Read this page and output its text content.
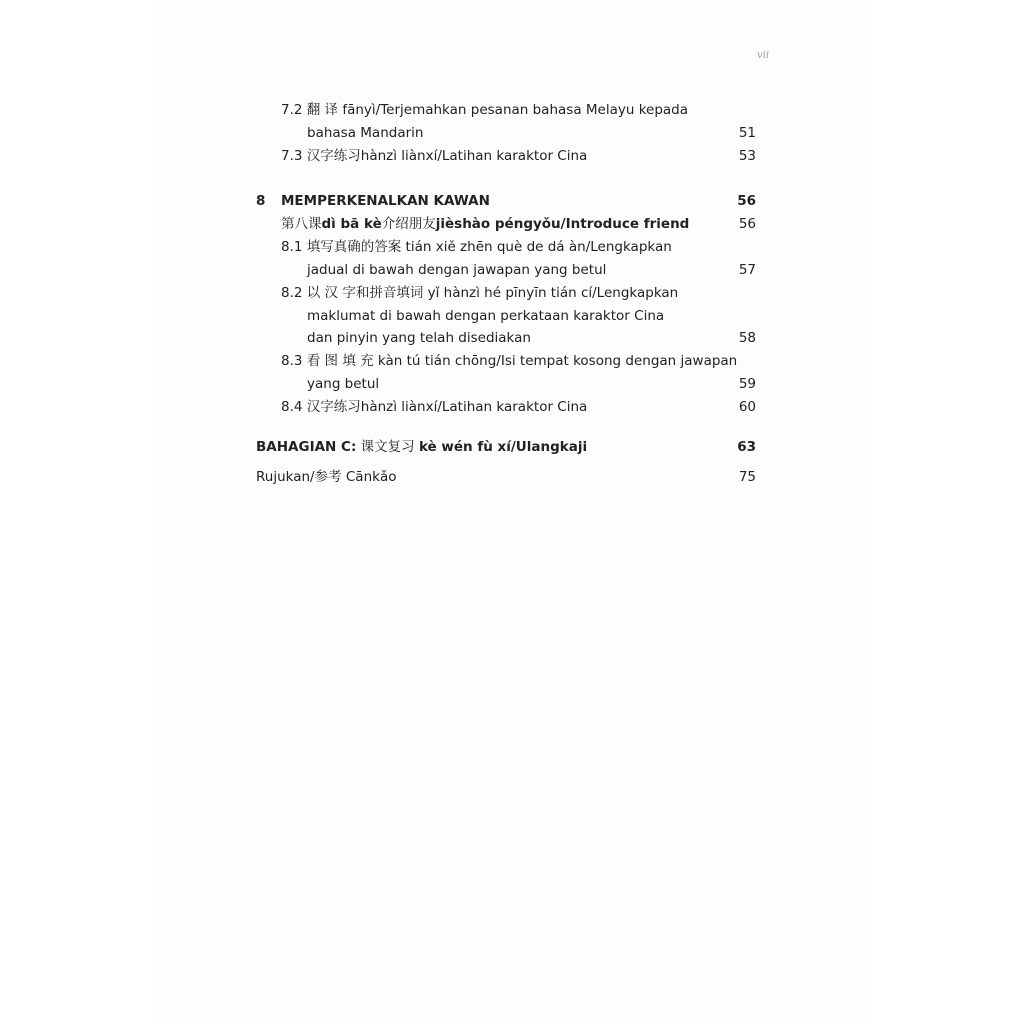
vii
7.2 翻 译 fānyì/Terjemahkan pesanan bahasa Melayu kepada
bahasa Mandarin	51
7.3 汉字练习hànzì liànxí/Latihan karaktor Cina	53
8 MEMPERKENALKAN KAWAN	56
第八课dì bā kè介绍朋友jièshào péngyǒu/Introduce friend	56
8.1 填写真确的答案 tián xiě zhēn què de dá àn/Lengkapkan
jadual di bawah dengan jawapan yang betul	57
8.2 以 汉 字和拼音填词 yǐ hànzì hé pīnyīn tián cí/Lengkapkan
maklumat di bawah dengan perkataan karaktor Cina
dan pinyin yang telah disediakan	58
8.3 看 图 填 充 kàn tú tián chōng/Isi tempat kosong dengan jawapan
yang betul	59
8.4 汉字练习hànzì liànxí/Latihan karaktor Cina	60
BAHAGIAN C: 课文复习 kè wén fù xí/Ulangkaji	63
Rujukan/参考 Cānkǎo	75
